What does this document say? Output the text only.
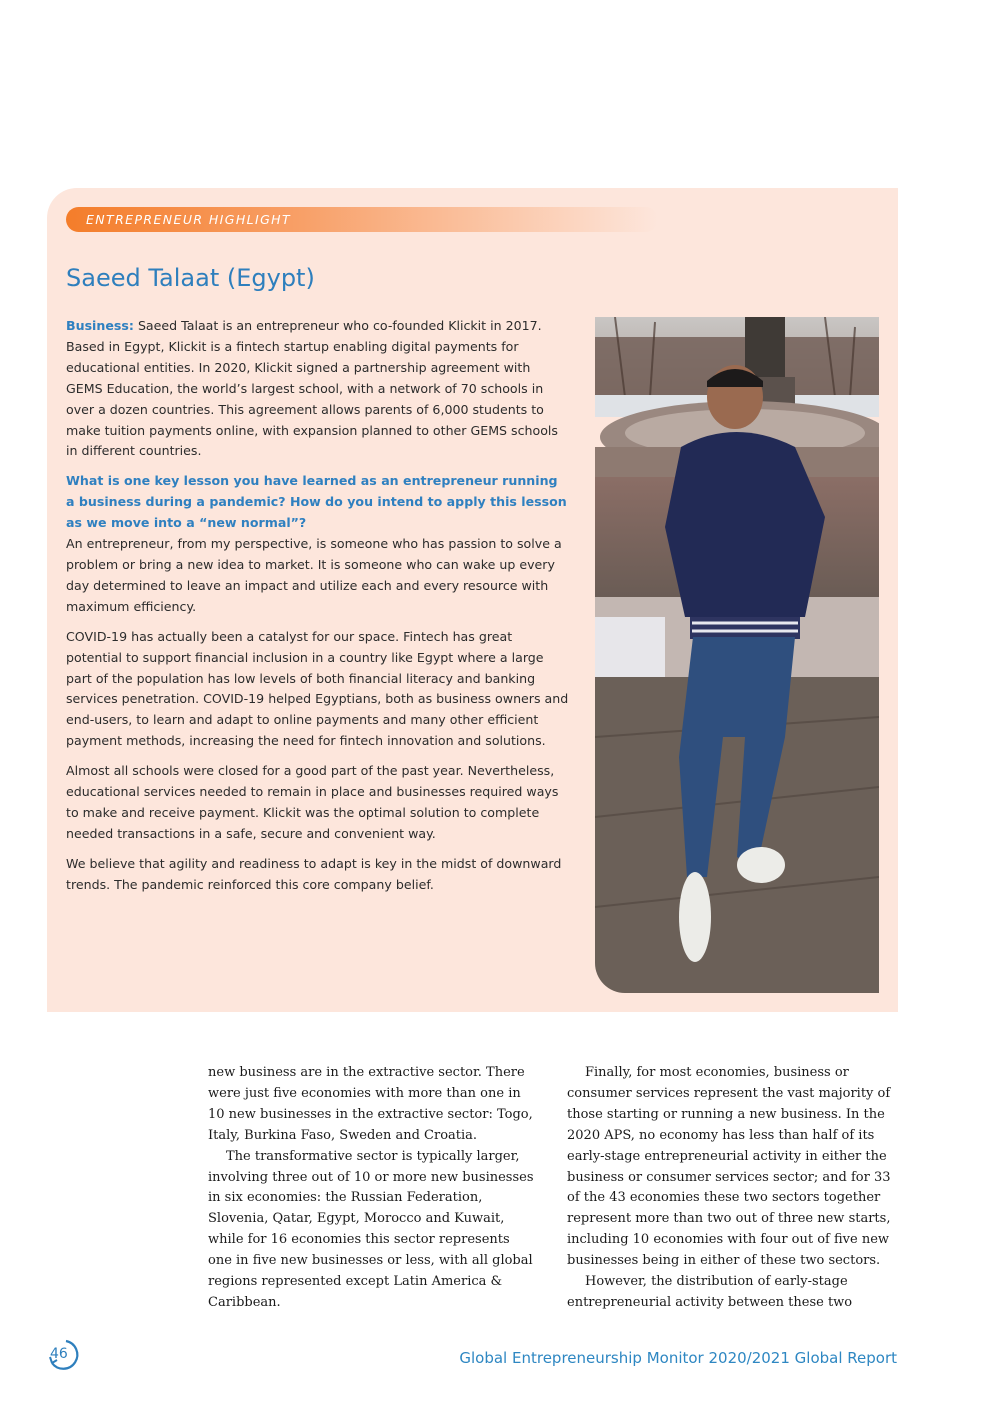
ENTREPRENEUR HIGHLIGHT
Saeed Talaat (Egypt)

Business: Saeed Talaat is an entrepreneur who co-founded Klickit in 2017. Based in Egypt, Klickit is a fintech startup enabling digital payments for educational entities. In 2020, Klickit signed a partnership agreement with GEMS Education, the world’s largest school, with a network of 70 schools in over a dozen countries. This agreement allows parents of 6,000 students to make tuition payments online, with expansion planned to other GEMS schools in different countries.

What is one key lesson you have learned as an entrepreneur running a business during a pandemic? How do you intend to apply this lesson as we move into a “new normal”?

An entrepreneur, from my perspective, is someone who has passion to solve a problem or bring a new idea to market. It is someone who can wake up every day determined to leave an impact and utilize each and every resource with maximum efficiency.

COVID-19 has actually been a catalyst for our space. Fintech has great potential to support financial inclusion in a country like Egypt where a large part of the population has low levels of both financial literacy and banking services penetration. COVID-19 helped Egyptians, both as business owners and end-users, to learn and adapt to online payments and many other efficient payment methods, increasing the need for fintech innovation and solutions.

Almost all schools were closed for a good part of the past year. Nevertheless, educational services needed to remain in place and businesses required ways to make and receive payment. Klickit was the optimal solution to complete needed transactions in a safe, secure and convenient way.

We believe that agility and readiness to adapt is key in the midst of downward trends. The pandemic reinforced this core company belief.

new business are in the extractive sector. There were just five economies with more than one in 10 new businesses in the extractive sector: Togo, Italy, Burkina Faso, Sweden and Croatia.

The transformative sector is typically larger, involving three out of 10 or more new businesses in six economies: the Russian Federation, Slovenia, Qatar, Egypt, Morocco and Kuwait, while for 16 economies this sector represents one in five new businesses or less, with all global regions represented except Latin America & Caribbean.

Finally, for most economies, business or consumer services represent the vast majority of those starting or running a new business. In the 2020 APS, no economy has less than half of its early-stage entrepreneurial activity in either the business or consumer services sector; and for 33 of the 43 economies these two sectors together represent more than two out of three new starts, including 10 economies with four out of five new businesses being in either of these two sectors.

However, the distribution of early-stage entrepreneurial activity between these two

46	Global Entrepreneurship Monitor 2020/2021 Global Report
